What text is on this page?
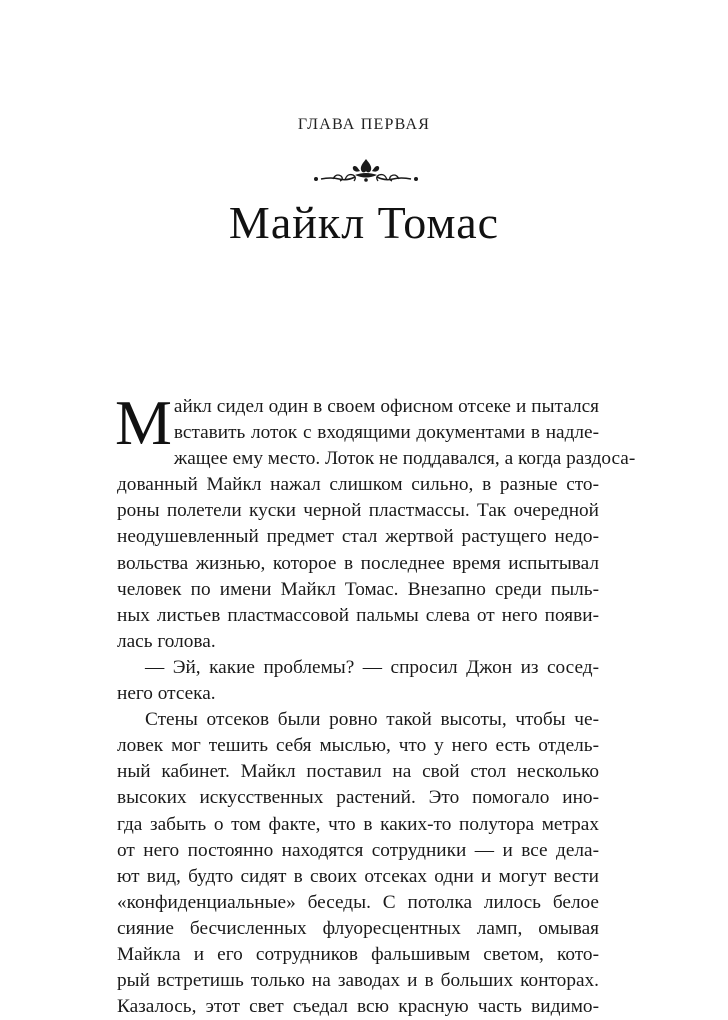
ГЛАВА ПЕРВАЯ
Майкл Томас
М айкл сидел один в своем офисном отсеке и пытался
вставить лоток с входящими документами в надле-
жащее ему место. Лоток не поддавался, а когда раздоса-
дованный Майкл нажал слишком сильно, в разные сто-
роны полетели куски черной пластмассы. Так очередной
неодушевленный предмет стал жертвой растущего недо-
вольства жизнью, которое в последнее время испытывал
человек по имени Майкл Томас. Внезапно среди пыль-
ных листьев пластмассовой пальмы слева от него появи-
лась голова.
— Эй, какие проблемы? — спросил Джон из сосед-
него отсека.
Стены отсеков были ровно такой высоты, чтобы че-
ловек мог тешить себя мыслью, что у него есть отдель-
ный кабинет. Майкл поставил на свой стол несколько
высоких искусственных растений. Это помогало ино-
гда забыть о том факте, что в каких-то полутора метрах
от него постоянно находятся сотрудники — и все дела-
ют вид, будто сидят в своих отсеках одни и могут вести
«конфиденциальные» беседы. С потолка лилось белое
сияние бесчисленных флуоресцентных ламп, омывая
Майкла и его сотрудников фальшивым светом, кото-
рый встретишь только на заводах и в больших конторах.
Казалось, этот свет съедал всю красную часть видимо-
